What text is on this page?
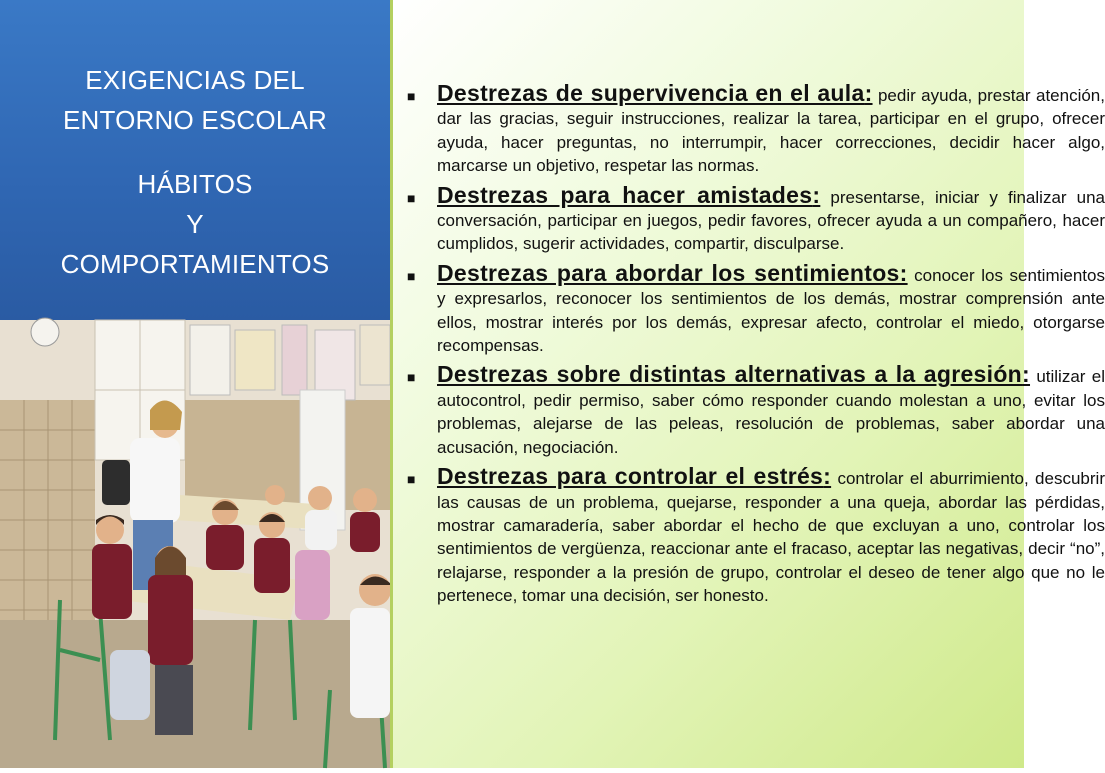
EXIGENCIAS DEL
ENTORNO ESCOLAR
HÁBITOS
Y
COMPORTAMIENTOS
■ Destrezas de supervivencia en el aula: pedir ayuda, prestar atención, dar las gracias, seguir instrucciones, realizar la tarea, participar en el grupo, ofrecer ayuda, hacer preguntas, no interrumpir, hacer correcciones, decidir hacer algo, marcarse un objetivo, respetar las normas.
■ Destrezas para hacer amistades: presentarse, iniciar y finalizar una conversación, participar en juegos, pedir favores, ofrecer ayuda a un compañero, hacer cumplidos, sugerir actividades, compartir, disculparse.
■ Destrezas para abordar los sentimientos: conocer los sentimientos y expresarlos, reconocer los sentimientos de los demás, mostrar comprensión ante ellos, mostrar interés por los demás, expresar afecto, controlar el miedo, otorgarse recompensas.
■ Destrezas sobre distintas alternativas a la agresión: utilizar el autocontrol, pedir permiso, saber cómo responder cuando molestan a uno, evitar los problemas, alejarse de las peleas, resolución de problemas, saber abordar una acusación, negociación.
■ Destrezas para controlar el estrés: controlar el aburrimiento, descubrir las causas de un problema, quejarse, responder a una queja, abordar las pérdidas, mostrar camaradería, saber abordar el hecho de que excluyan a uno, controlar los sentimientos de vergüenza, reaccionar ante el fracaso, aceptar las negativas, decir “no”, relajarse, responder a la presión de grupo, controlar el deseo de tener algo que no le pertenece, tomar una decisión, ser honesto.
